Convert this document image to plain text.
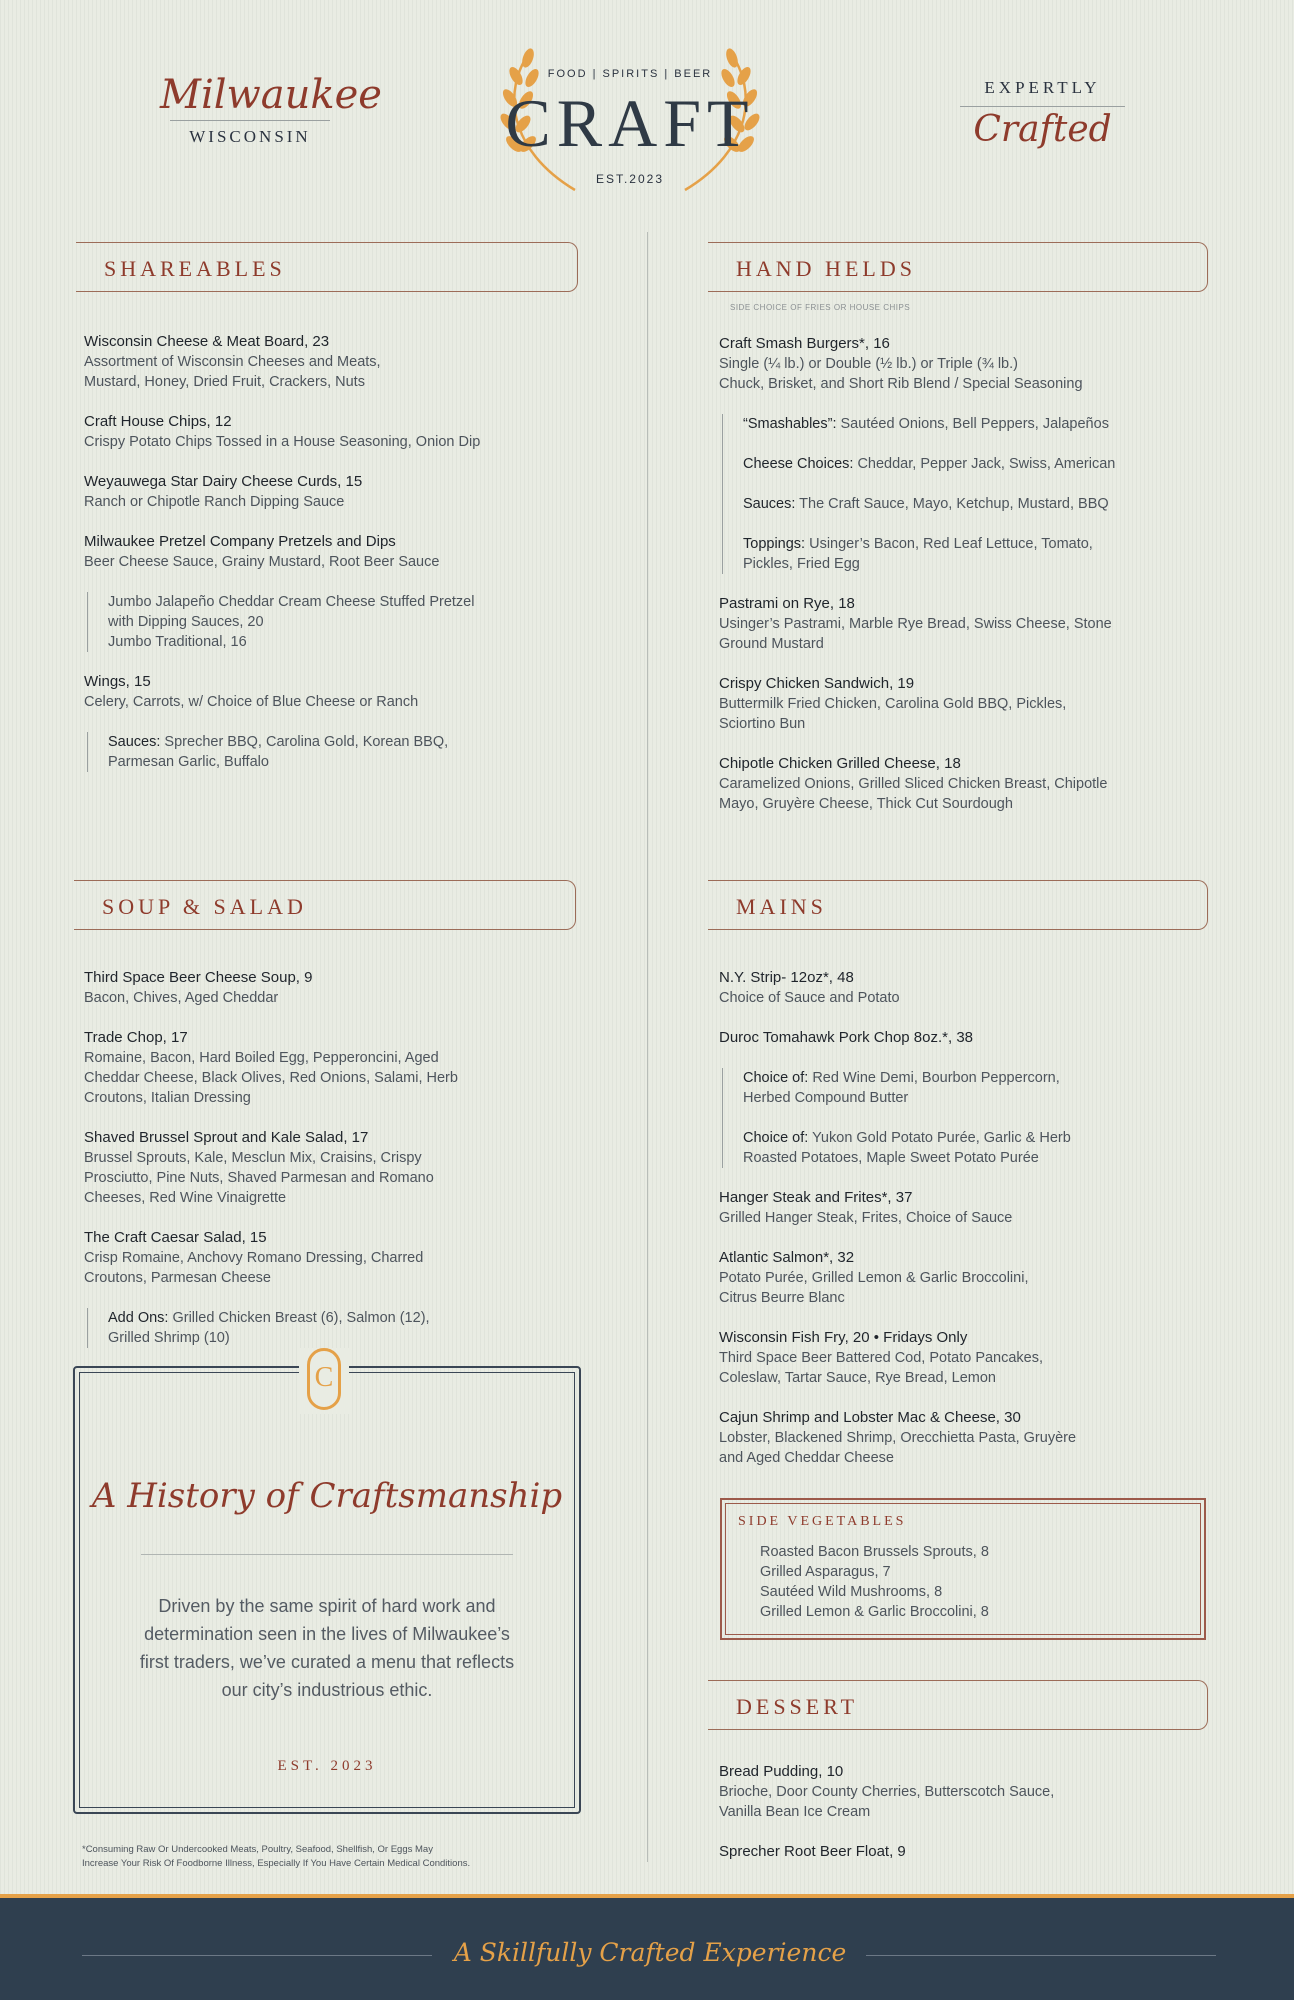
Milwaukee
WISCONSIN
FOOD | SPIRITS | BEER
CRAFT
EST.2023
EXPERTLY
Crafted
SHAREABLES
Wisconsin Cheese & Meat Board, 23
Assortment of Wisconsin Cheeses and Meats,
Mustard, Honey, Dried Fruit, Crackers, Nuts
Craft House Chips, 12
Crispy Potato Chips Tossed in a House Seasoning, Onion Dip
Weyauwega Star Dairy Cheese Curds, 15
Ranch or Chipotle Ranch Dipping Sauce
Milwaukee Pretzel Company Pretzels and Dips
Beer Cheese Sauce, Grainy Mustard, Root Beer Sauce
Jumbo Jalapeño Cheddar Cream Cheese Stuffed Pretzel
with Dipping Sauces, 20
Jumbo Traditional, 16
Wings, 15
Celery, Carrots, w/ Choice of Blue Cheese or Ranch
Sauces: Sprecher BBQ, Carolina Gold, Korean BBQ,
Parmesan Garlic, Buffalo
HAND HELDS
SIDE CHOICE OF FRIES OR HOUSE CHIPS
Craft Smash Burgers*, 16
Single (¼ lb.) or Double (½ lb.) or Triple (¾ lb.)
Chuck, Brisket, and Short Rib Blend / Special Seasoning
“Smashables”: Sautéed Onions, Bell Peppers, Jalapeños
Cheese Choices: Cheddar, Pepper Jack, Swiss, American
Sauces: The Craft Sauce, Mayo, Ketchup, Mustard, BBQ
Toppings: Usinger’s Bacon, Red Leaf Lettuce, Tomato,
Pickles, Fried Egg
Pastrami on Rye, 18
Usinger’s Pastrami, Marble Rye Bread, Swiss Cheese, Stone
Ground Mustard
Crispy Chicken Sandwich, 19
Buttermilk Fried Chicken, Carolina Gold BBQ, Pickles,
Sciortino Bun
Chipotle Chicken Grilled Cheese, 18
Caramelized Onions, Grilled Sliced Chicken Breast, Chipotle
Mayo, Gruyère Cheese, Thick Cut Sourdough
SOUP & SALAD
Third Space Beer Cheese Soup, 9
Bacon, Chives, Aged Cheddar
Trade Chop, 17
Romaine, Bacon, Hard Boiled Egg, Pepperoncini, Aged
Cheddar Cheese, Black Olives, Red Onions, Salami, Herb
Croutons, Italian Dressing
Shaved Brussel Sprout and Kale Salad, 17
Brussel Sprouts, Kale, Mesclun Mix, Craisins, Crispy
Prosciutto, Pine Nuts, Shaved Parmesan and Romano
Cheeses, Red Wine Vinaigrette
The Craft Caesar Salad, 15
Crisp Romaine, Anchovy Romano Dressing, Charred
Croutons, Parmesan Cheese
Add Ons: Grilled Chicken Breast (6), Salmon (12),
Grilled Shrimp (10)
C
A History of Craftsmanship
Driven by the same spirit of hard work and determination seen in the lives of Milwaukee’s first traders, we’ve curated a menu that reflects our city’s industrious ethic.
EST. 2023
*Consuming Raw Or Undercooked Meats, Poultry, Seafood, Shellfish, Or Eggs May
Increase Your Risk Of Foodborne Illness, Especially If You Have Certain Medical Conditions.
MAINS
N.Y. Strip- 12oz*, 48
Choice of Sauce and Potato
Duroc Tomahawk Pork Chop 8oz.*, 38
Choice of: Red Wine Demi, Bourbon Peppercorn,
Herbed Compound Butter
Choice of: Yukon Gold Potato Purée, Garlic & Herb
Roasted Potatoes, Maple Sweet Potato Purée
Hanger Steak and Frites*, 37
Grilled Hanger Steak, Frites, Choice of Sauce
Atlantic Salmon*, 32
Potato Purée, Grilled Lemon & Garlic Broccolini,
Citrus Beurre Blanc
Wisconsin Fish Fry, 20 • Fridays Only
Third Space Beer Battered Cod, Potato Pancakes,
Coleslaw, Tartar Sauce, Rye Bread, Lemon
Cajun Shrimp and Lobster Mac & Cheese, 30
Lobster, Blackened Shrimp, Orecchietta Pasta, Gruyère
and Aged Cheddar Cheese
SIDE VEGETABLES
Roasted Bacon Brussels Sprouts, 8
Grilled Asparagus, 7
Sautéed Wild Mushrooms, 8
Grilled Lemon & Garlic Broccolini, 8
DESSERT
Bread Pudding, 10
Brioche, Door County Cherries, Butterscotch Sauce,
Vanilla Bean Ice Cream
Sprecher Root Beer Float, 9
A Skillfully Crafted Experience
